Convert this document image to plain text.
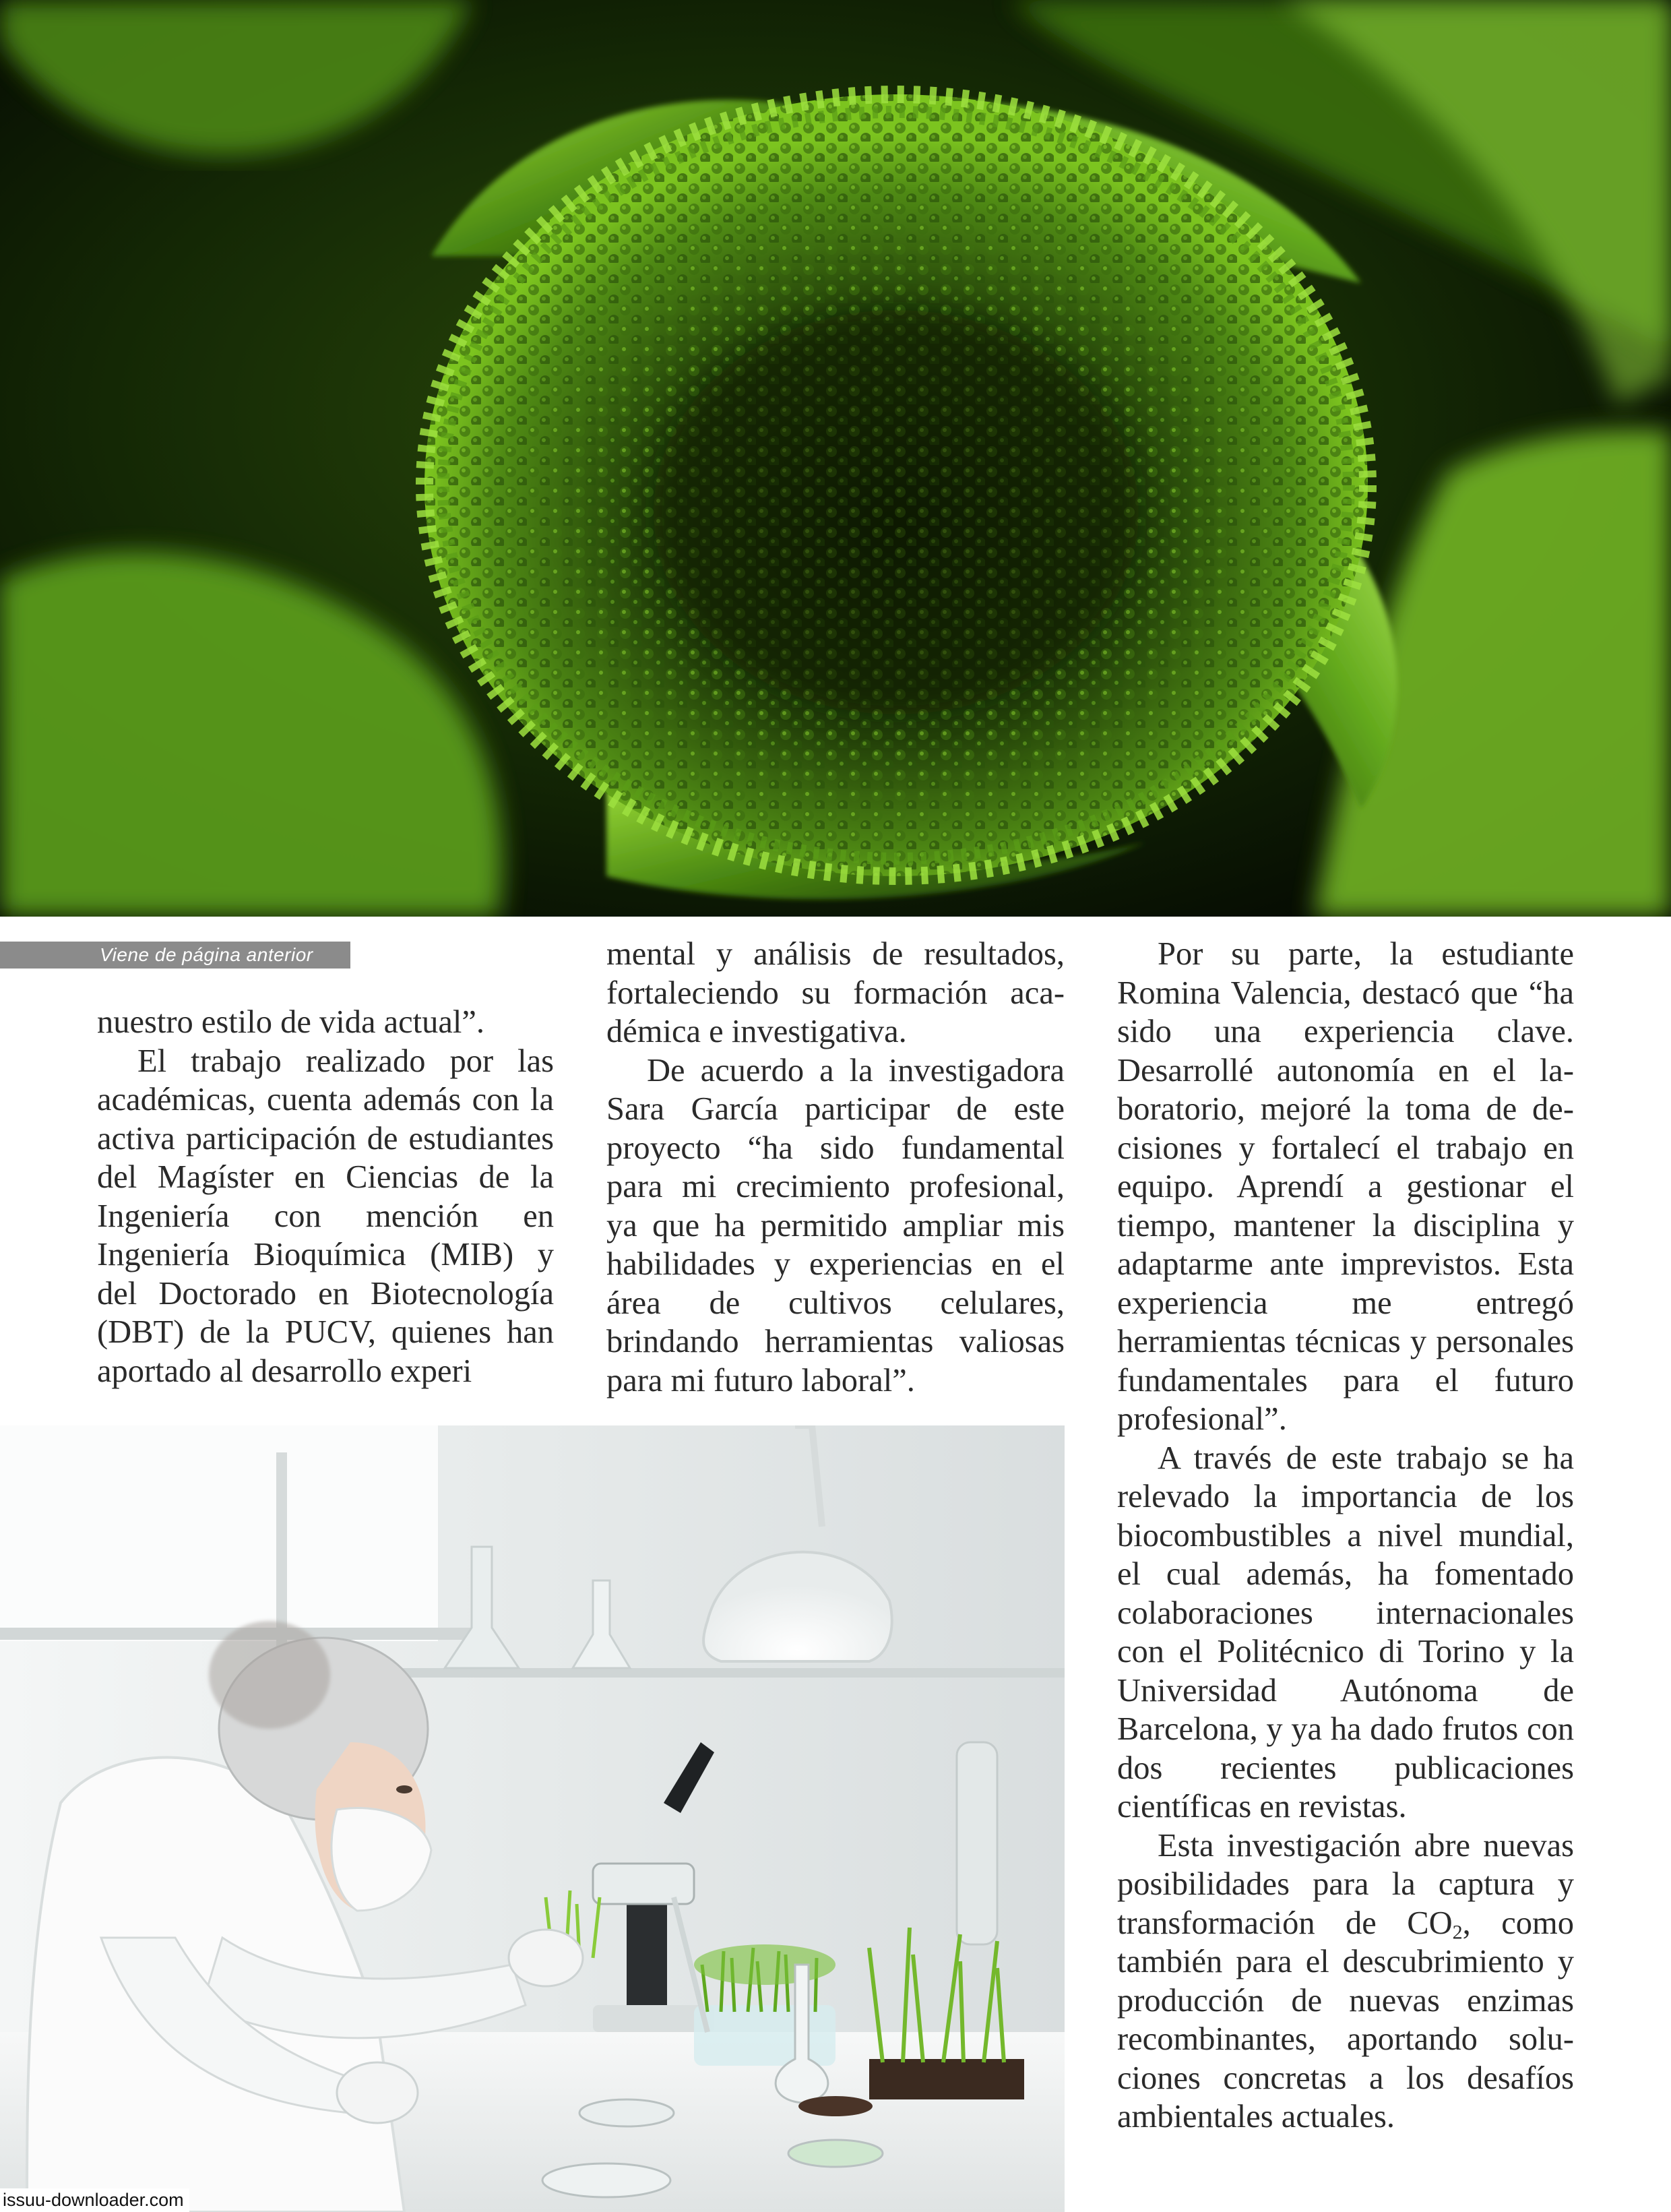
Viene de página anterior

nuestro estilo de vida actual”.

El trabajo realizado por las académicas, cuenta además con la activa participación de estudiantes del Magíster en Ciencias de la Ingeniería con mención en Ingeniería Bioquímica (MIB) y del Doctorado en Biotecnología (DBT) de la PUCV, quienes han aportado al desarrollo experi

mental y análisis de resultados, fortaleciendo su formación académica e investigativa.

De acuerdo a la investigadora Sara García participar de este proyecto “ha sido fundamental para mi crecimiento profesional, ya que ha permitido ampliar mis habilidades y experiencias en el área de cultivos celulares, brindando herramientas valiosas para mi futuro laboral”.

Por su parte, la estudiante Romina Valencia, destacó que “ha sido una experiencia clave. Desarrollé autonomía en el laboratorio, mejoré la toma de decisiones y fortalecí el trabajo en equipo. Aprendí a gestionar el tiempo, mantener la disciplina y adaptarme ante imprevistos. Esta experiencia me entregó herramientas técnicas y personales fundamentales para el futuro profesional”.

A través de este trabajo se ha relevado la importancia de los biocombustibles a nivel mundial, el cual además, ha fomentado colaboraciones internacionales con el Politécnico di Torino y la Universidad Autónoma de Barcelona, y ya ha dado frutos con dos recientes publicaciones científicas en revistas.

Esta investigación abre nuevas posibilidades para la captura y transformación de $CO_2$, como también para el descubrimiento y producción de nuevas enzimas recombinantes, aportando soluciones concretas a los desafíos ambientales actuales.

issuu-downloader.com
